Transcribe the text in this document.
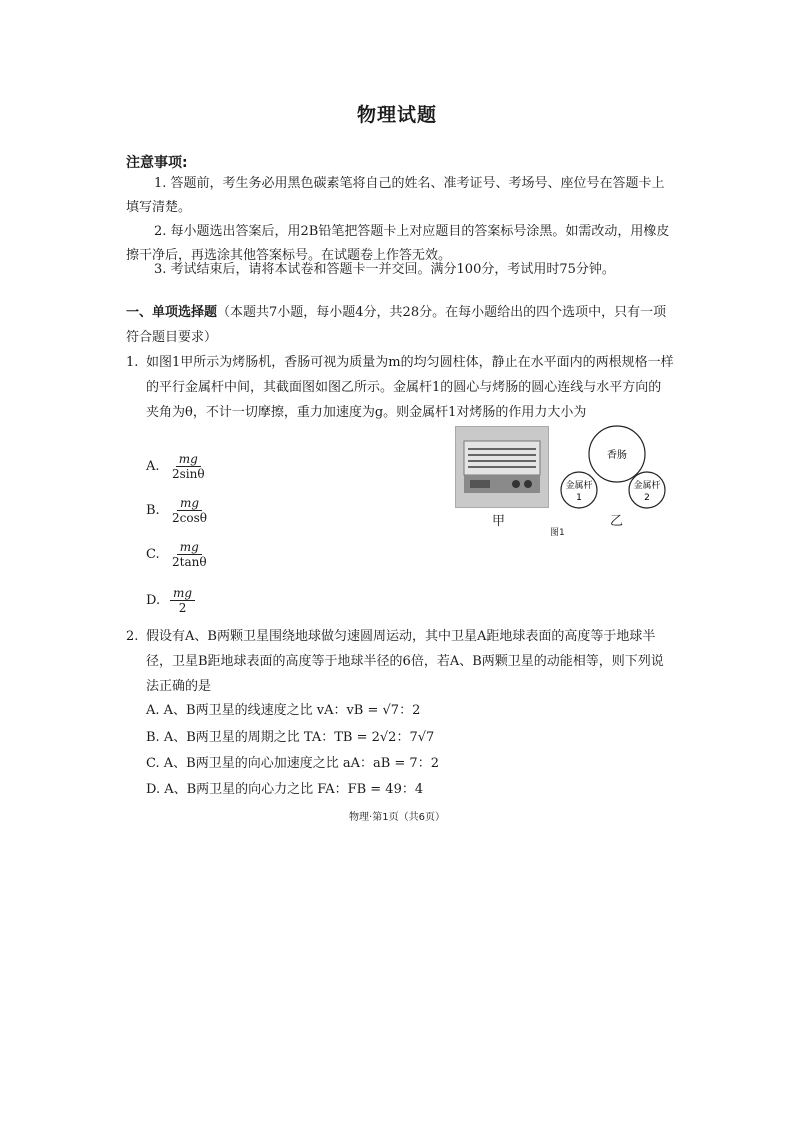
物理试题
注意事项:
1. 答题前，考生务必用黑色碳素笔将自己的姓名、准考证号、考场号、座位号在答题卡上填写清楚。
2. 每小题选出答案后，用2B铅笔把答题卡上对应题目的答案标号涂黑。如需改动，用橡皮擦干净后，再选涂其他答案标号。在试题卷上作答无效。
3. 考试结束后，请将本试卷和答题卡一并交回。满分100分，考试用时75分钟。
一、单项选择题（本题共7小题，每小题4分，共28分。在每小题给出的四个选项中，只有一项符合题目要求）
1. 如图1甲所示为烤肠机，香肠可视为质量为m的均匀圆柱体，静止在水平面内的两根规格一样的平行金属杆中间，其截面图如图乙所示。金属杆1的圆心与烤肠的圆心连线与水平方向的夹角为θ，不计一切摩擦，重力加速度为g。则金属杆1对烤肠的作用力大小为
A. $\frac{mg}{2\sin\theta}$
B. $\frac{mg}{2\cos\theta}$
C. $\frac{mg}{2\tan\theta}$
D. $\frac{mg}{2}$
甲
香肠
金属杆
1
金属杆
2
乙
图1
2. 假设有A、B两颗卫星围绕地球做匀速圆周运动，其中卫星A距地球表面的高度等于地球半径，卫星B距地球表面的高度等于地球半径的6倍，若A、B两颗卫星的动能相等，则下列说法正确的是
A. A、B两卫星的线速度之比 vA：vB = √7：2
B. A、B两卫星的周期之比 TA：TB = 2√2：7√7
C. A、B两卫星的向心加速度之比 aA：aB = 7：2
D. A、B两卫星的向心力之比 FA：FB = 49：4
物理·第1页（共6页）
